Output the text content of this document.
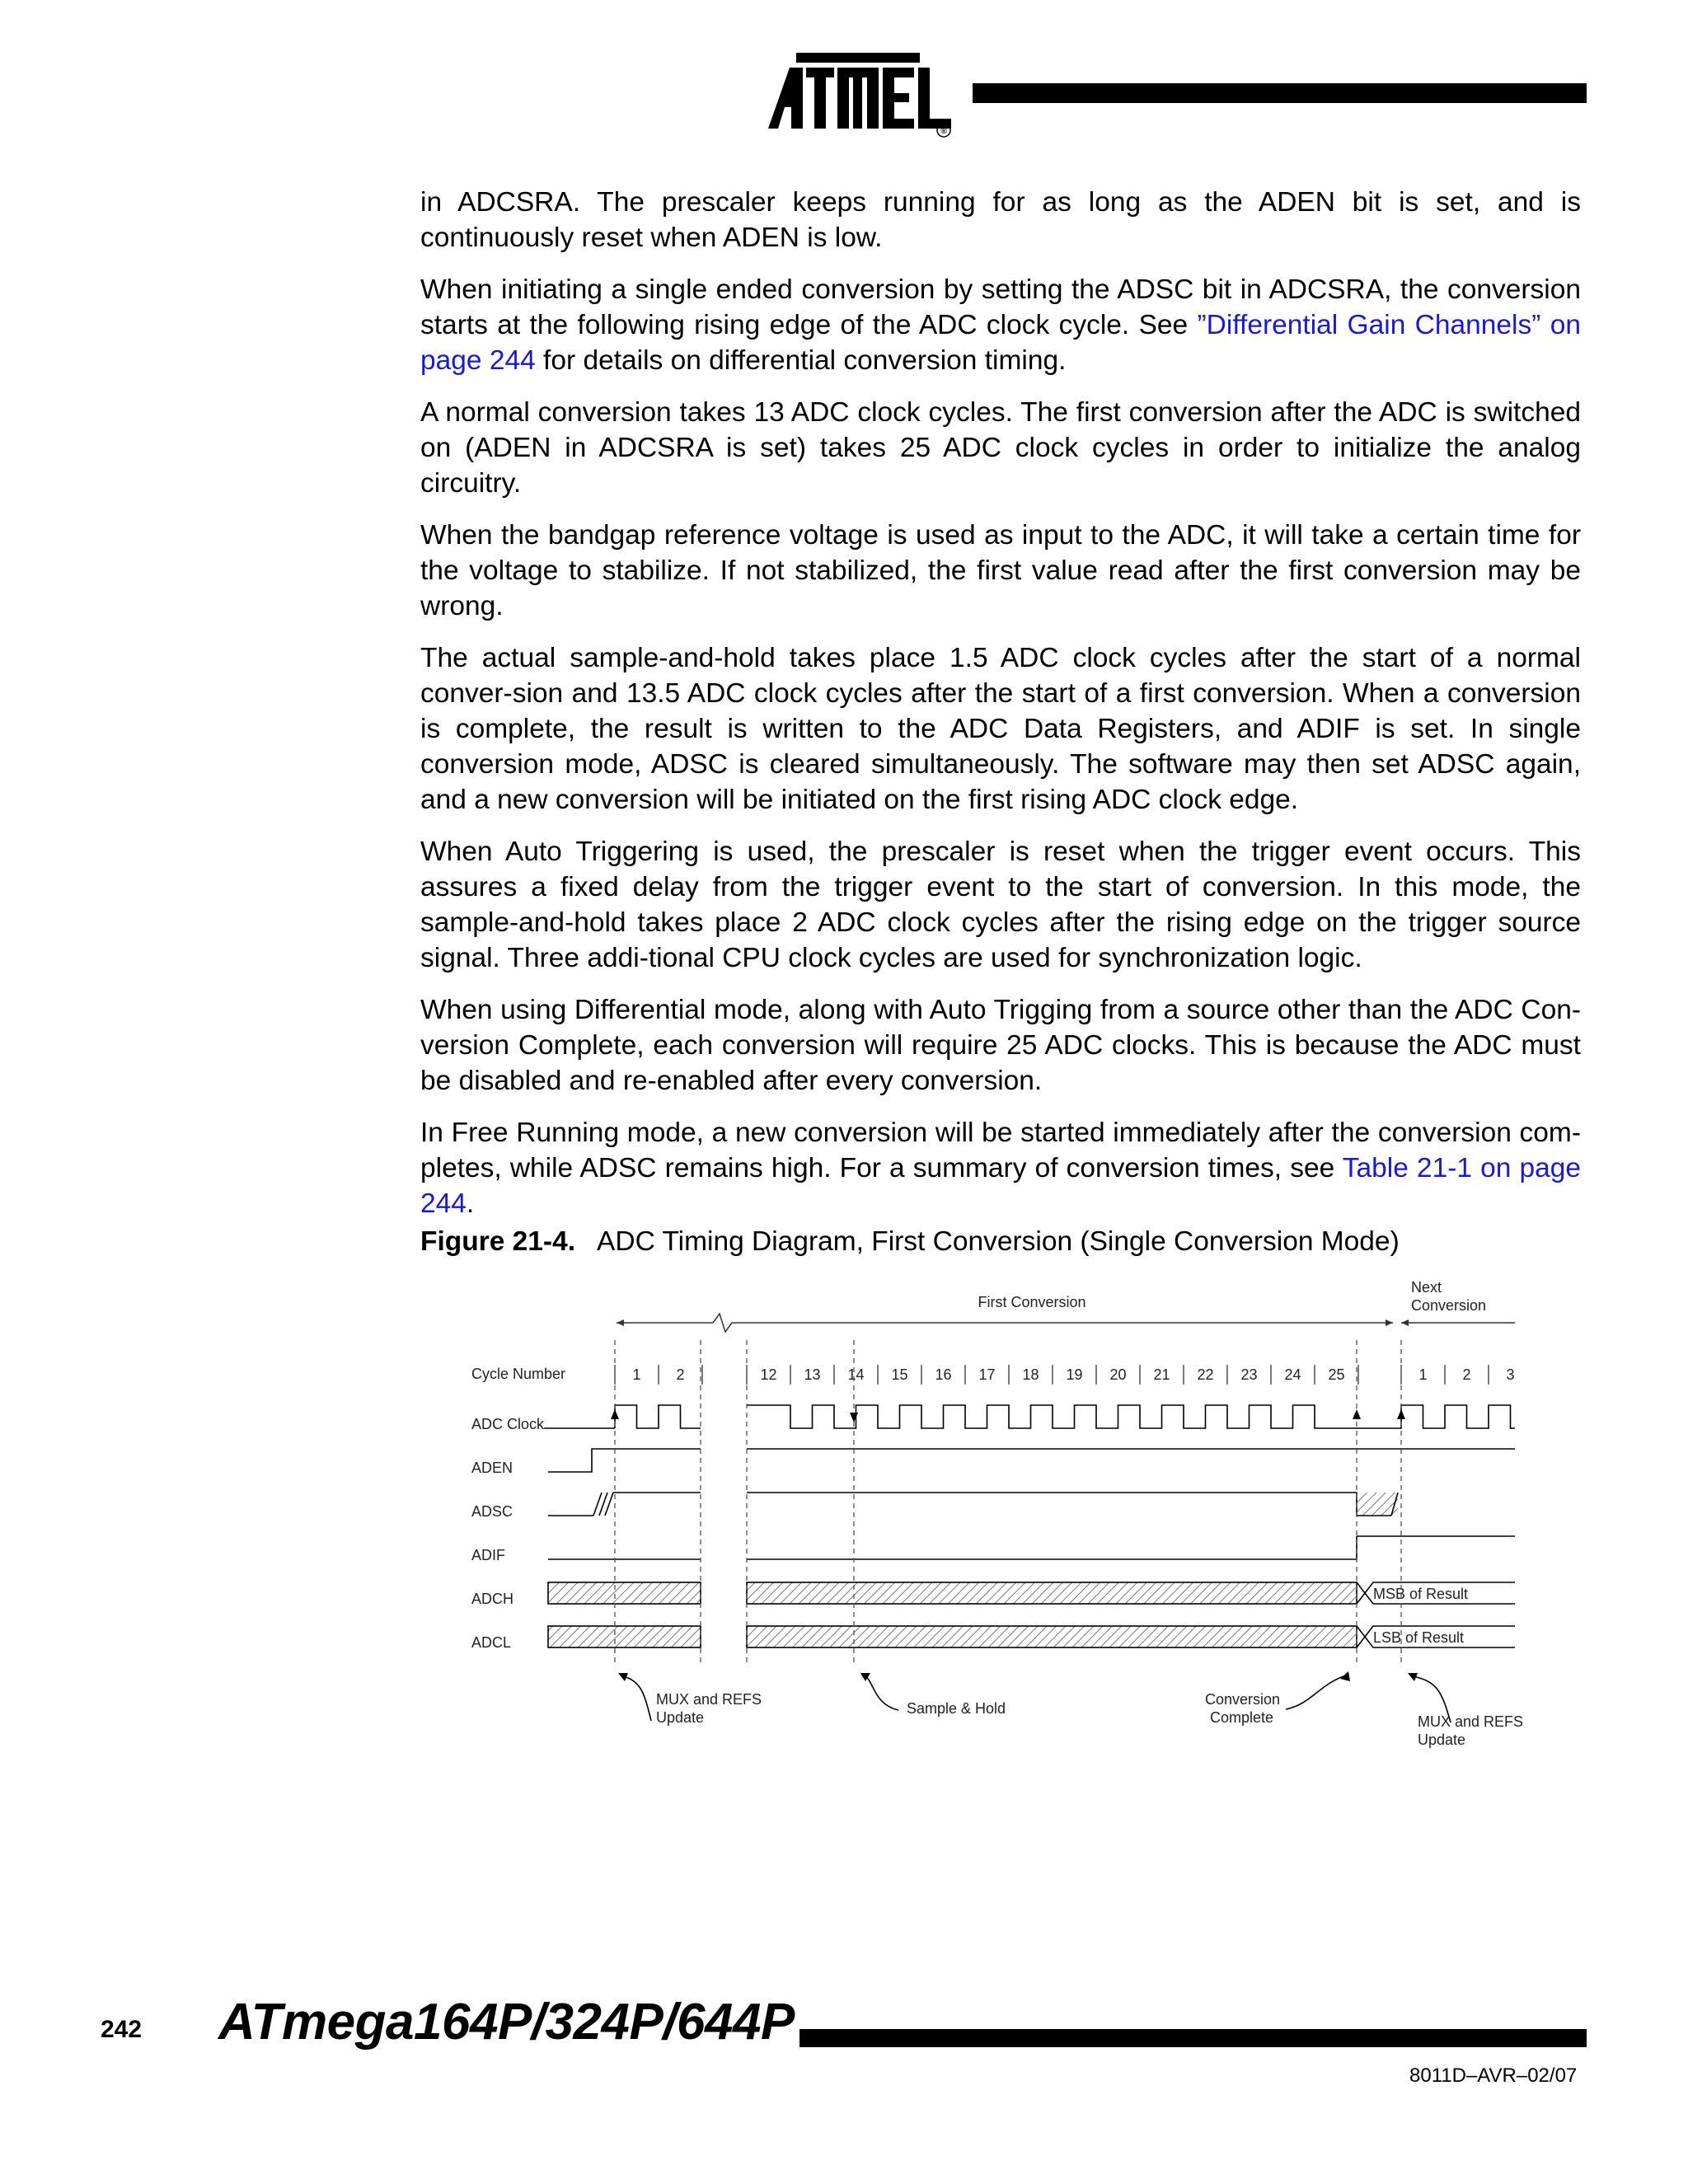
®

in ADCSRA. The prescaler keeps running for as long as the ADEN bit is set, and is continuously reset when ADEN is low.

When initiating a single ended conversion by setting the ADSC bit in ADCSRA, the conversion starts at the following rising edge of the ADC clock cycle. See ”Differential Gain Channels” on page 244 for details on differential conversion timing.

A normal conversion takes 13 ADC clock cycles. The first conversion after the ADC is switched on (ADEN in ADCSRA is set) takes 25 ADC clock cycles in order to initialize the analog circuitry.

When the bandgap reference voltage is used as input to the ADC, it will take a certain time for the voltage to stabilize. If not stabilized, the first value read after the first conversion may be wrong.

The actual sample-and-hold takes place 1.5 ADC clock cycles after the start of a normal conver-sion and 13.5 ADC clock cycles after the start of a first conversion. When a conversion is complete, the result is written to the ADC Data Registers, and ADIF is set. In single conversion mode, ADSC is cleared simultaneously. The software may then set ADSC again, and a new conversion will be initiated on the first rising ADC clock edge.

When Auto Triggering is used, the prescaler is reset when the trigger event occurs. This assures a fixed delay from the trigger event to the start of conversion. In this mode, the sample-and-hold takes place 2 ADC clock cycles after the rising edge on the trigger source signal. Three addi-tional CPU clock cycles are used for synchronization logic.

When using Differential mode, along with Auto Trigging from a source other than the ADC Con-version Complete, each conversion will require 25 ADC clocks. This is because the ADC must be disabled and re-enabled after every conversion.

In Free Running mode, a new conversion will be started immediately after the conversion com-pletes, while ADSC remains high. For a summary of conversion times, see Table 21-1 on page 244.

Figure 21-4. ADC Timing Diagram, First Conversion (Single Conversion Mode)
First Conversion
Next
Conversion
Cycle Number	1 2	12 13 14 15 16 17 18 19 20 21 22 23 24 25	1 2 3
ADC Clock
ADEN
ADSC
ADIF
ADCH
ADCL
MSB of Result
LSB of Result
MUX and REFS
Update
Sample & Hold
Conversion
Complete	MUX and REFS
Update
242 ATmega164P/324P/644P
8011D–AVR–02/07
